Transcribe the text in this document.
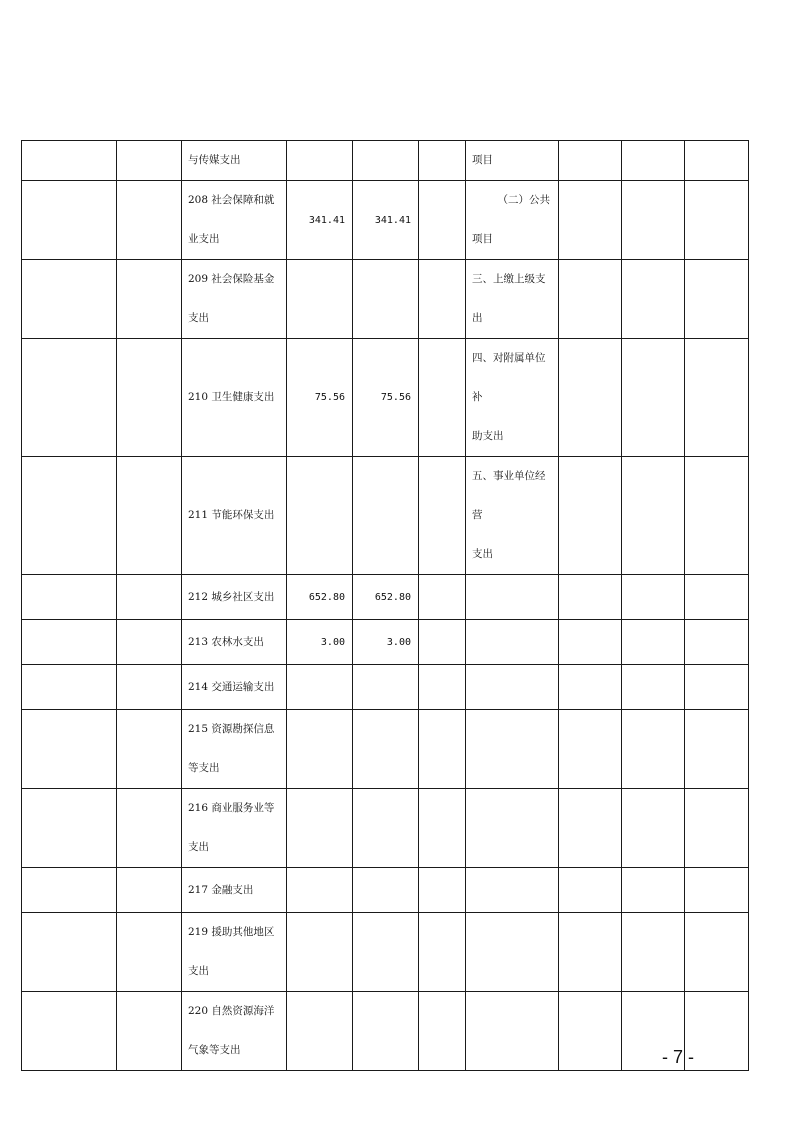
		与传媒支出				项目			

		208 社会保障和就
业支出	341.41	341.41		（二）公共
项目			

		209 社会保险基金
支出				三、上缴上级支出			

		210 卫生健康支出	75.56	75.56		四、对附属单位补
助支出			

		211 节能环保支出				五、事业单位经营
支出			

		212 城乡社区支出	652.80	652.80					

		213 农林水支出	3.00	3.00					

		214 交通运输支出							

		215 资源勘探信息
等支出							

		216 商业服务业等
支出							

		217 金融支出							

		219 援助其他地区
支出							

		220 自然资源海洋
气象等支出							

				- 7 -
